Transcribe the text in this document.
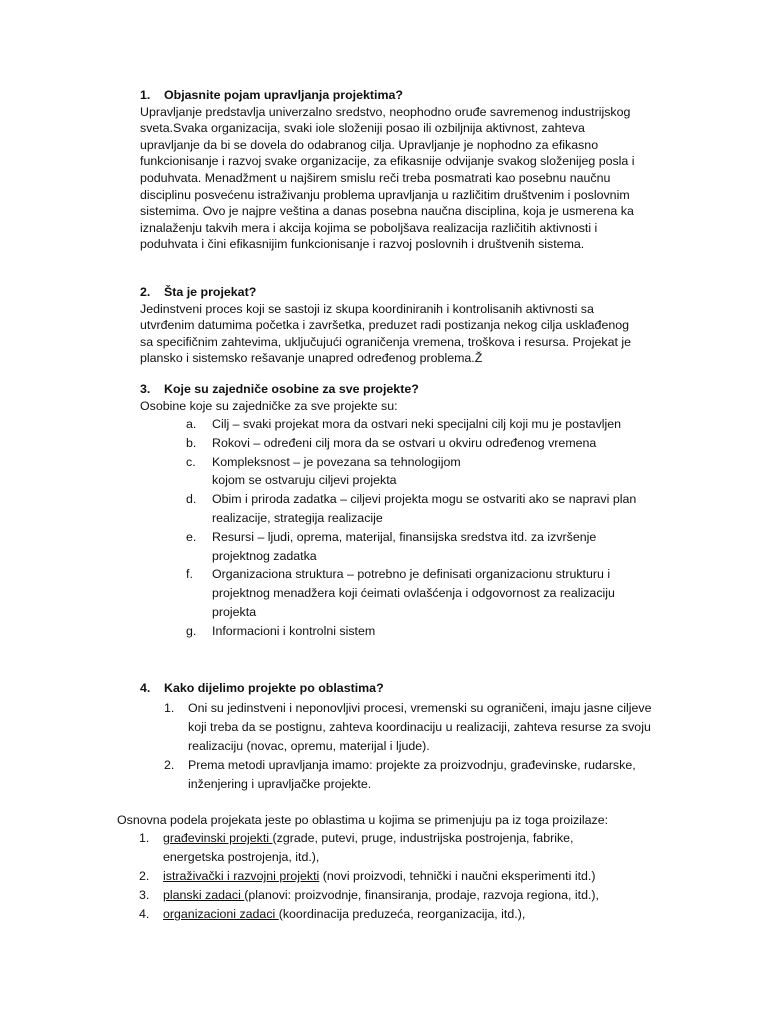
1.	Objasnite pojam upravljanja projektima?

Upravljanje predstavlja univerzalno sredstvo, neophodno oruđe savremenog industrijskog sveta.Svaka organizacija, svaki iole složeniji posao ili ozbiljnija aktivnost, zahteva upravljanje da bi se dovela do odabranog cilja. Upravljanje je nophodno za efikasno funkcionisanje i razvoj svake organizacije, za efikasnije odvijanje svakog složenijeg posla i poduhvata. Menadžment u najširem smislu reči treba posmatrati kao posebnu naučnu disciplinu posvećenu istraživanju problema upravljanja u različitim društvenim i poslovnim sistemima. Ovo je najpre veština a danas posebna naučna disciplina, koja je usmerena ka iznalaženju takvih mera i akcija kojima se poboljšava realizacija različitih aktivnosti i poduhvata i čini efikasnijim funkcionisanje i razvoj poslovnih i društvenih sistema.

2.	Šta je projekat?

Jedinstveni proces koji se sastoji iz skupa koordiniranih i kontrolisanih aktivnosti sa utvrđenim datumima početka i završetka, preduzet radi postizanja nekog cilja usklađenog sa specifičnim zahtevima, uključujući ograničenja vremena, troškova i resursa. Projekat je plansko i sistemsko rešavanje unapred određenog problema.Ž

3.	Koje su zajedniče osobine za sve projekte?

Osobine koje su zajedničke za sve projekte su:

a.	Cilj – svaki projekat mora da ostvari neki specijalni cilj koji mu je postavljen
b.	Rokovi – određeni cilj mora da se ostvari u okviru određenog vremena
c.	Kompleksnost – je povezana sa tehnologijom kojom se ostvaruju ciljevi projekta
d.	Obim i priroda zadatka – ciljevi projekta mogu se ostvariti ako se napravi plan realizacije, strategija realizacije
e.	Resursi – ljudi, oprema, materijal, finansijska sredstva itd. za izvršenje projektnog zadatka
f.	Organizaciona struktura – potrebno je definisati organizacionu strukturu i projektnog menadžera koji ćeimati ovlašćenja i odgovornost za realizaciju projekta
g.	Informacioni i kontrolni sistem
4.	Kako dijelimo projekte po oblastima?
1.	Oni su jedinstveni i neponovljivi procesi, vremenski su ograničeni, imaju jasne ciljeve koji treba da se postignu, zahteva koordinaciju u realizaciji, zahteva resurse za svoju realizaciju (novac, opremu, materijal i ljude).
2.	Prema metodi upravljanja imamo: projekte za proizvodnju, građevinske, rudarske, inženjering i upravljačke projekte.

Osnovna podela projekata jeste po oblastima u kojima se primenjuju pa iz toga proizilaze:

1.	građevinski projekti (zgrade, putevi, pruge, industrijska postrojenja, fabrike, energetska postrojenja, itd.),
2.	istraživački i razvojni projekti (novi proizvodi, tehnički i naučni eksperimenti itd.)
3.	planski zadaci (planovi: proizvodnje, finansiranja, prodaje, razvoja regiona, itd.),
4.	organizacioni zadaci (koordinacija preduzeća, reorganizacija, itd.),
